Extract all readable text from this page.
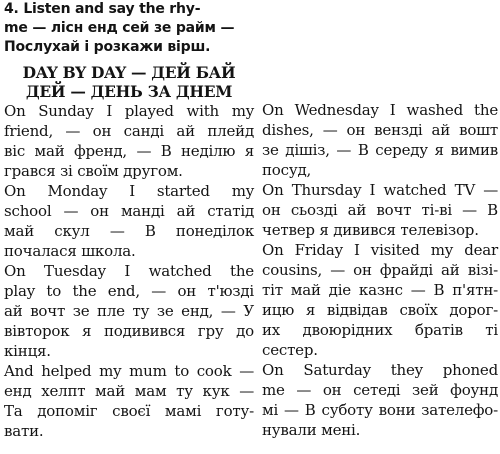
4. Listen and say the rhy-
me — лісн енд сей зе райм —
Послухай і розкажи вірш.
DAY BY DAY — ДЕЙ БАЙ
ДЕЙ — ДЕНЬ ЗА ДНЕМ
On Sunday I played with my
friend, — он санді ай плейд
віс май френд, — В неділю я
грався зі своїм другом.
On Monday I started my
school — он манді ай статід
май скул — В понеділок
почалася школа.
On Tuesday I watched the
play to the end, — он т'юзді
ай вочт зе пле ту зе енд, — У
вівторок я подивився гру до
кінця.
And helped my mum to cook —
енд хелпт май мам ту кук —
Та допоміг своєї мамі готу-
вати.
On Wednesday I washed the
dishes, — он вензді ай вошт
зе дішіз, — В середу я вимив
посуд,
On Thursday I watched TV —
он сьозді ай вочт ті-ві — В
четвер я дивився телевізор.
On Friday I visited my dear
cousins, — он фрайді ай візі-
тіт май діе казнс — В п'ятн-
ицю я відвідав своїх дорог-
их двоюрідних братів ті
сестер.
On Saturday they phoned
me — он сетеді зей фоунд
мі — В суботу вони зателефо-
нували мені.
